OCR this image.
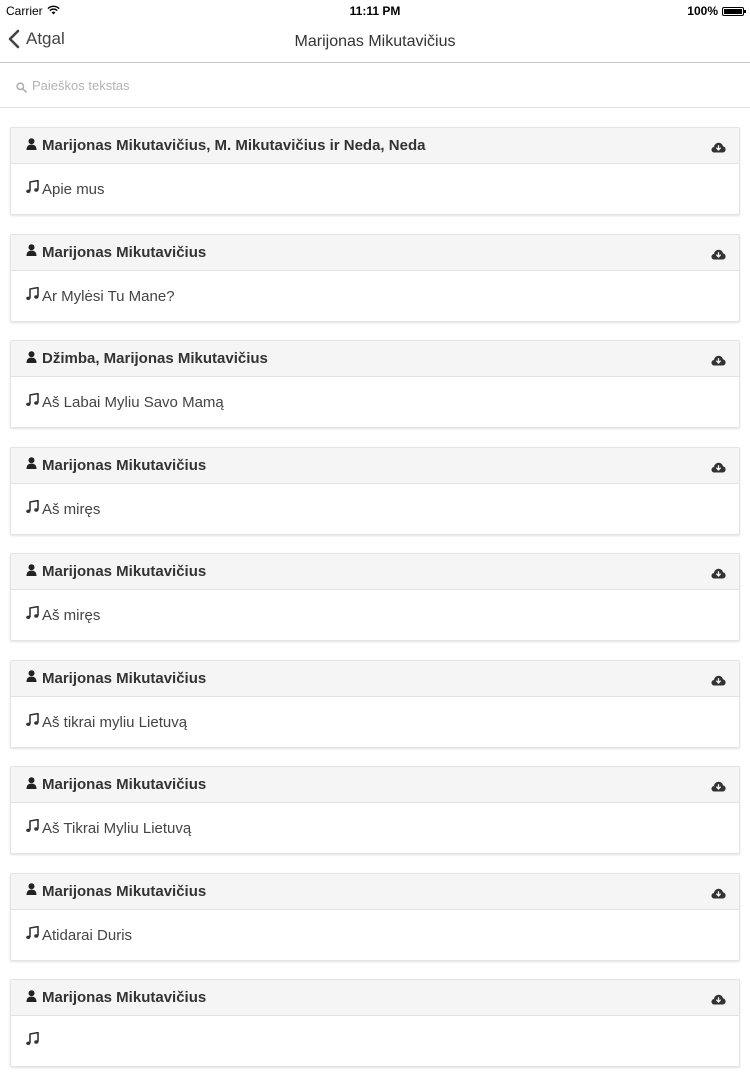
Carrier	11:11 PM	100%
Atgal	Marijonas Mikutavičius
Paieškos tekstas
Marijonas Mikutavičius, M. Mikutavičius ir Neda, Neda
Apie mus
Marijonas Mikutavičius
Ar Mylėsi Tu Mane?
Džimba, Marijonas Mikutavičius
Aš Labai Myliu Savo Mamą
Marijonas Mikutavičius
Aš miręs
Marijonas Mikutavičius
Aš miręs
Marijonas Mikutavičius
Aš tikrai myliu Lietuvą
Marijonas Mikutavičius
Aš Tikrai Myliu Lietuvą
Marijonas Mikutavičius
Atidarai Duris
Marijonas Mikutavičius
